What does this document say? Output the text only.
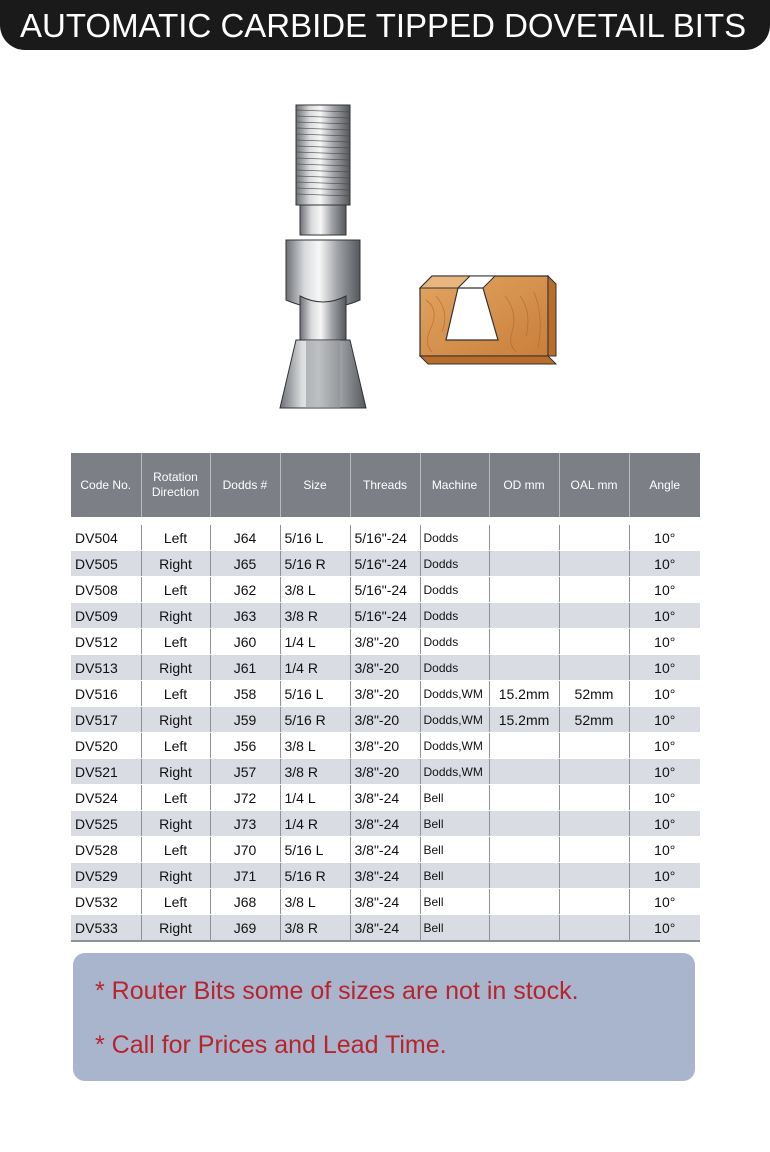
AUTOMATIC CARBIDE TIPPED DOVETAIL BITS
Code No.	Rotation Direction	Dodds #	Size	Threads	Machine	OD mm	OAL mm	Angle

DV504	Left	J64	5/16 L	5/16"-24	Dodds			10°
DV505	Right	J65	5/16 R	5/16"-24	Dodds			10°
DV508	Left	J62	3/8 L	5/16"-24	Dodds			10°
DV509	Right	J63	3/8 R	5/16"-24	Dodds			10°
DV512	Left	J60	1/4 L	3/8"-20	Dodds			10°
DV513	Right	J61	1/4 R	3/8"-20	Dodds			10°
DV516	Left	J58	5/16 L	3/8"-20	Dodds,WM	15.2mm	52mm	10°
DV517	Right	J59	5/16 R	3/8"-20	Dodds,WM	15.2mm	52mm	10°
DV520	Left	J56	3/8 L	3/8"-20	Dodds,WM			10°
DV521	Right	J57	3/8 R	3/8"-20	Dodds,WM			10°
DV524	Left	J72	1/4 L	3/8"-24	Bell			10°
DV525	Right	J73	1/4 R	3/8"-24	Bell			10°
DV528	Left	J70	5/16 L	3/8"-24	Bell			10°
DV529	Right	J71	5/16 R	3/8"-24	Bell			10°
DV532	Left	J68	3/8 L	3/8"-24	Bell			10°
DV533	Right	J69	3/8 R	3/8"-24	Bell			10°
* Router Bits some of sizes are not in stock.
* Call for Prices and Lead Time.
